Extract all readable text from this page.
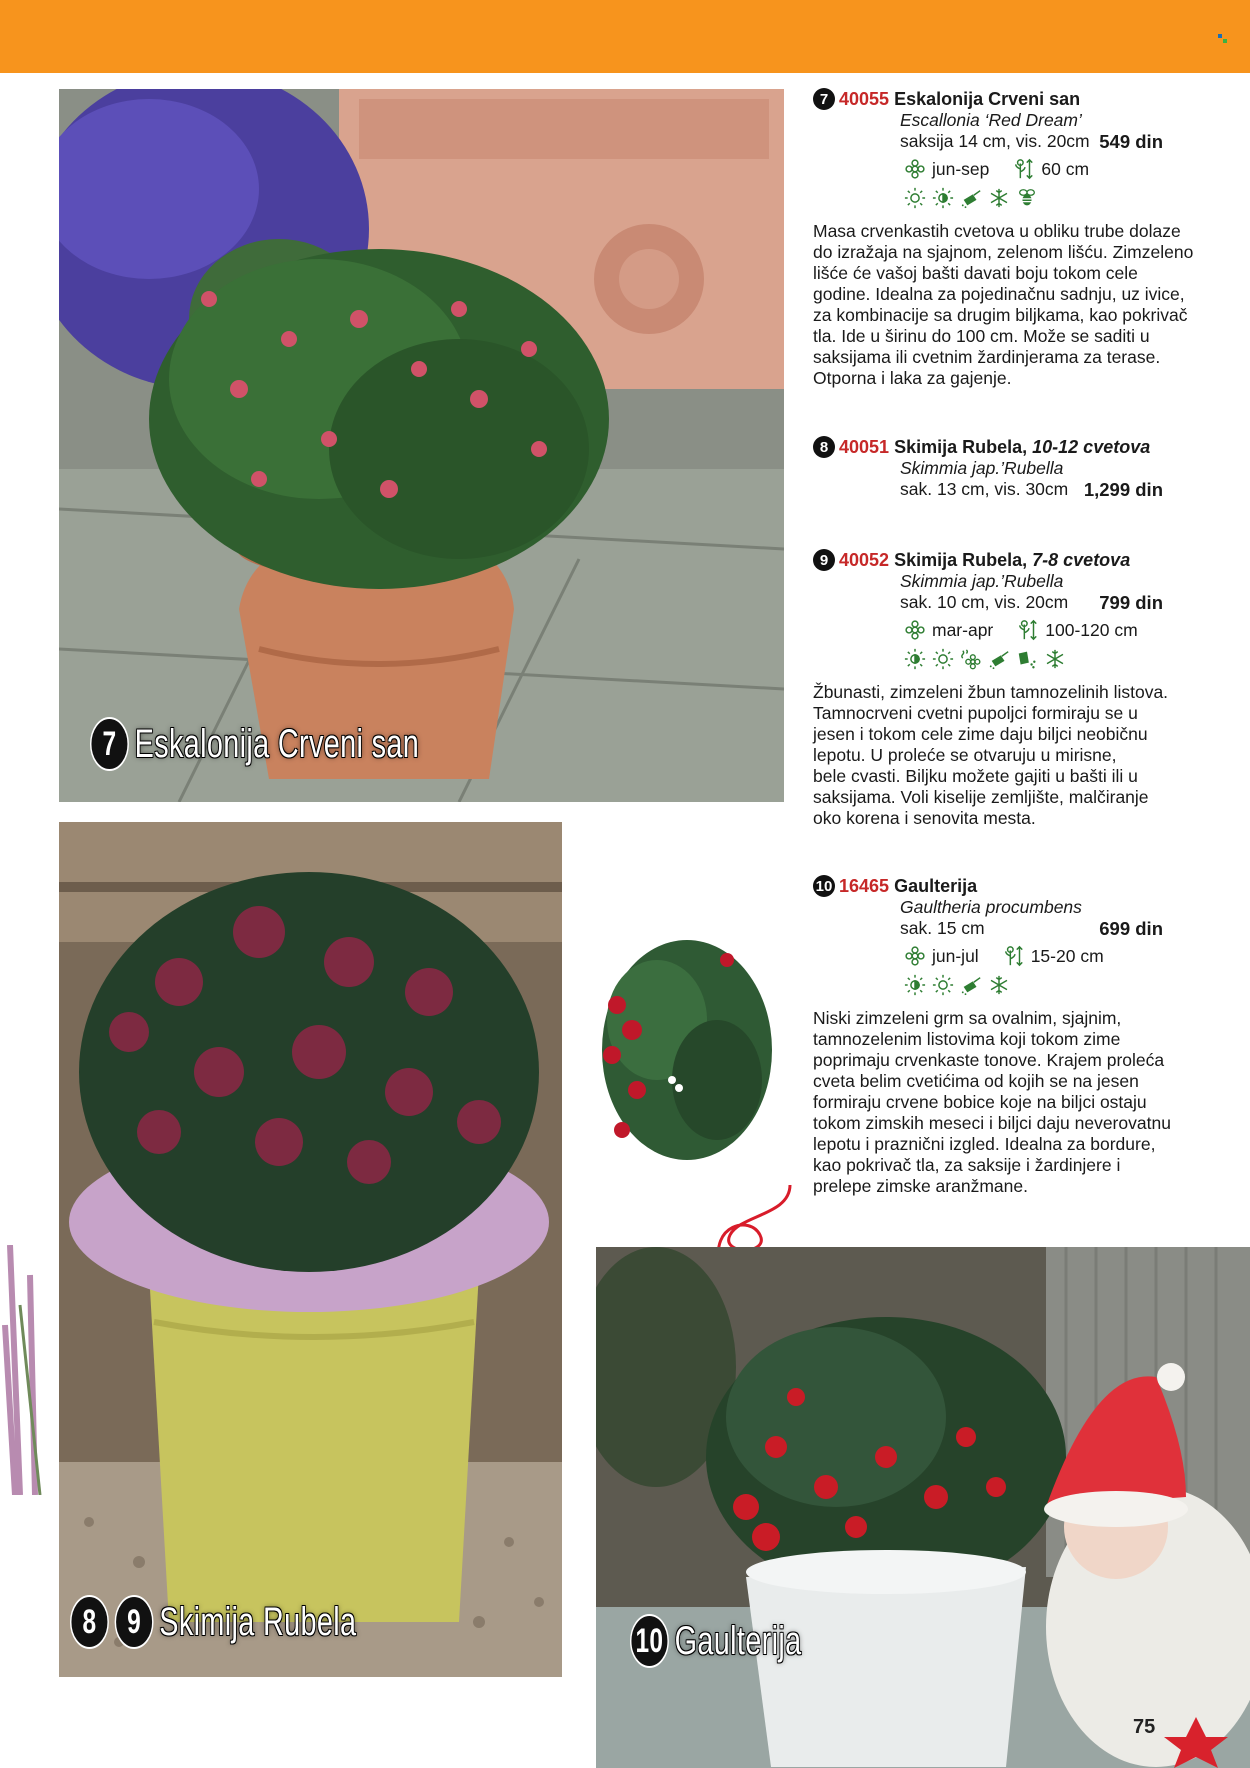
7 Eskalonija Crveni san
8 9 Skimija Rubela	10 Gaulterija
7 40055 Eskalonija Crveni san
Escallonia ‘Red Dream’
saksija 14 cm, vis. 20cm 549 din
jun-sep	60 cm
Masa crvenkastih cvetova u obliku trube dolaze
do izražaja na sjajnom, zelenom lišću. Zimzeleno
lišće će vašoj bašti davati boju tokom cele
godine. Idealna za pojedinačnu sadnju, uz ivice,
za kombinacije sa drugim biljkama, kao pokrivač
tla. Ide u širinu do 100 cm. Može se saditi u
saksijama ili cvetnim žardinjerama za terase.
Otporna i laka za gajenje.
8 40051 Skimija Rubela , 10-12 cvetova
Skimmia jap.’Rubella
sak. 13 cm, vis. 30cm 1,299 din
9 40052 Skimija Rubela , 7-8 cvetova
Skimmia jap.’Rubella
sak. 10 cm, vis. 20cm 799 din
mar-apr	100-120 cm
Žbunasti, zimzeleni žbun tamnozelinih listova.
Tamnocrveni cvetni pupoljci formiraju se u
jesen i tokom cele zime daju biljci neobičnu
lepotu. U proleće se otvaruju u mirisne,
bele cvasti. Biljku možete gajiti u bašti ili u
saksijama. Voli kiselije zemljište, malčiranje
oko korena i senovita mesta.
10 16465 Gaulterija
Gaultheria procumbens
sak. 15 cm	699 din
jun-jul	15-20 cm
Niski zimzeleni grm sa ovalnim, sjajnim,
tamnozelenim listovima koji tokom zime
poprimaju crvenkaste tonove. Krajem proleća
cveta belim cvetićima od kojih se na jesen
formiraju crvene bobice koje na biljci ostaju
tokom zimskih meseci i biljci daju neverovatnu
lepotu i praznični izgled. Idealna za bordure,
kao pokrivač tla, za saksije i žardinjere i
prelepe zimske aranžmane.
75
